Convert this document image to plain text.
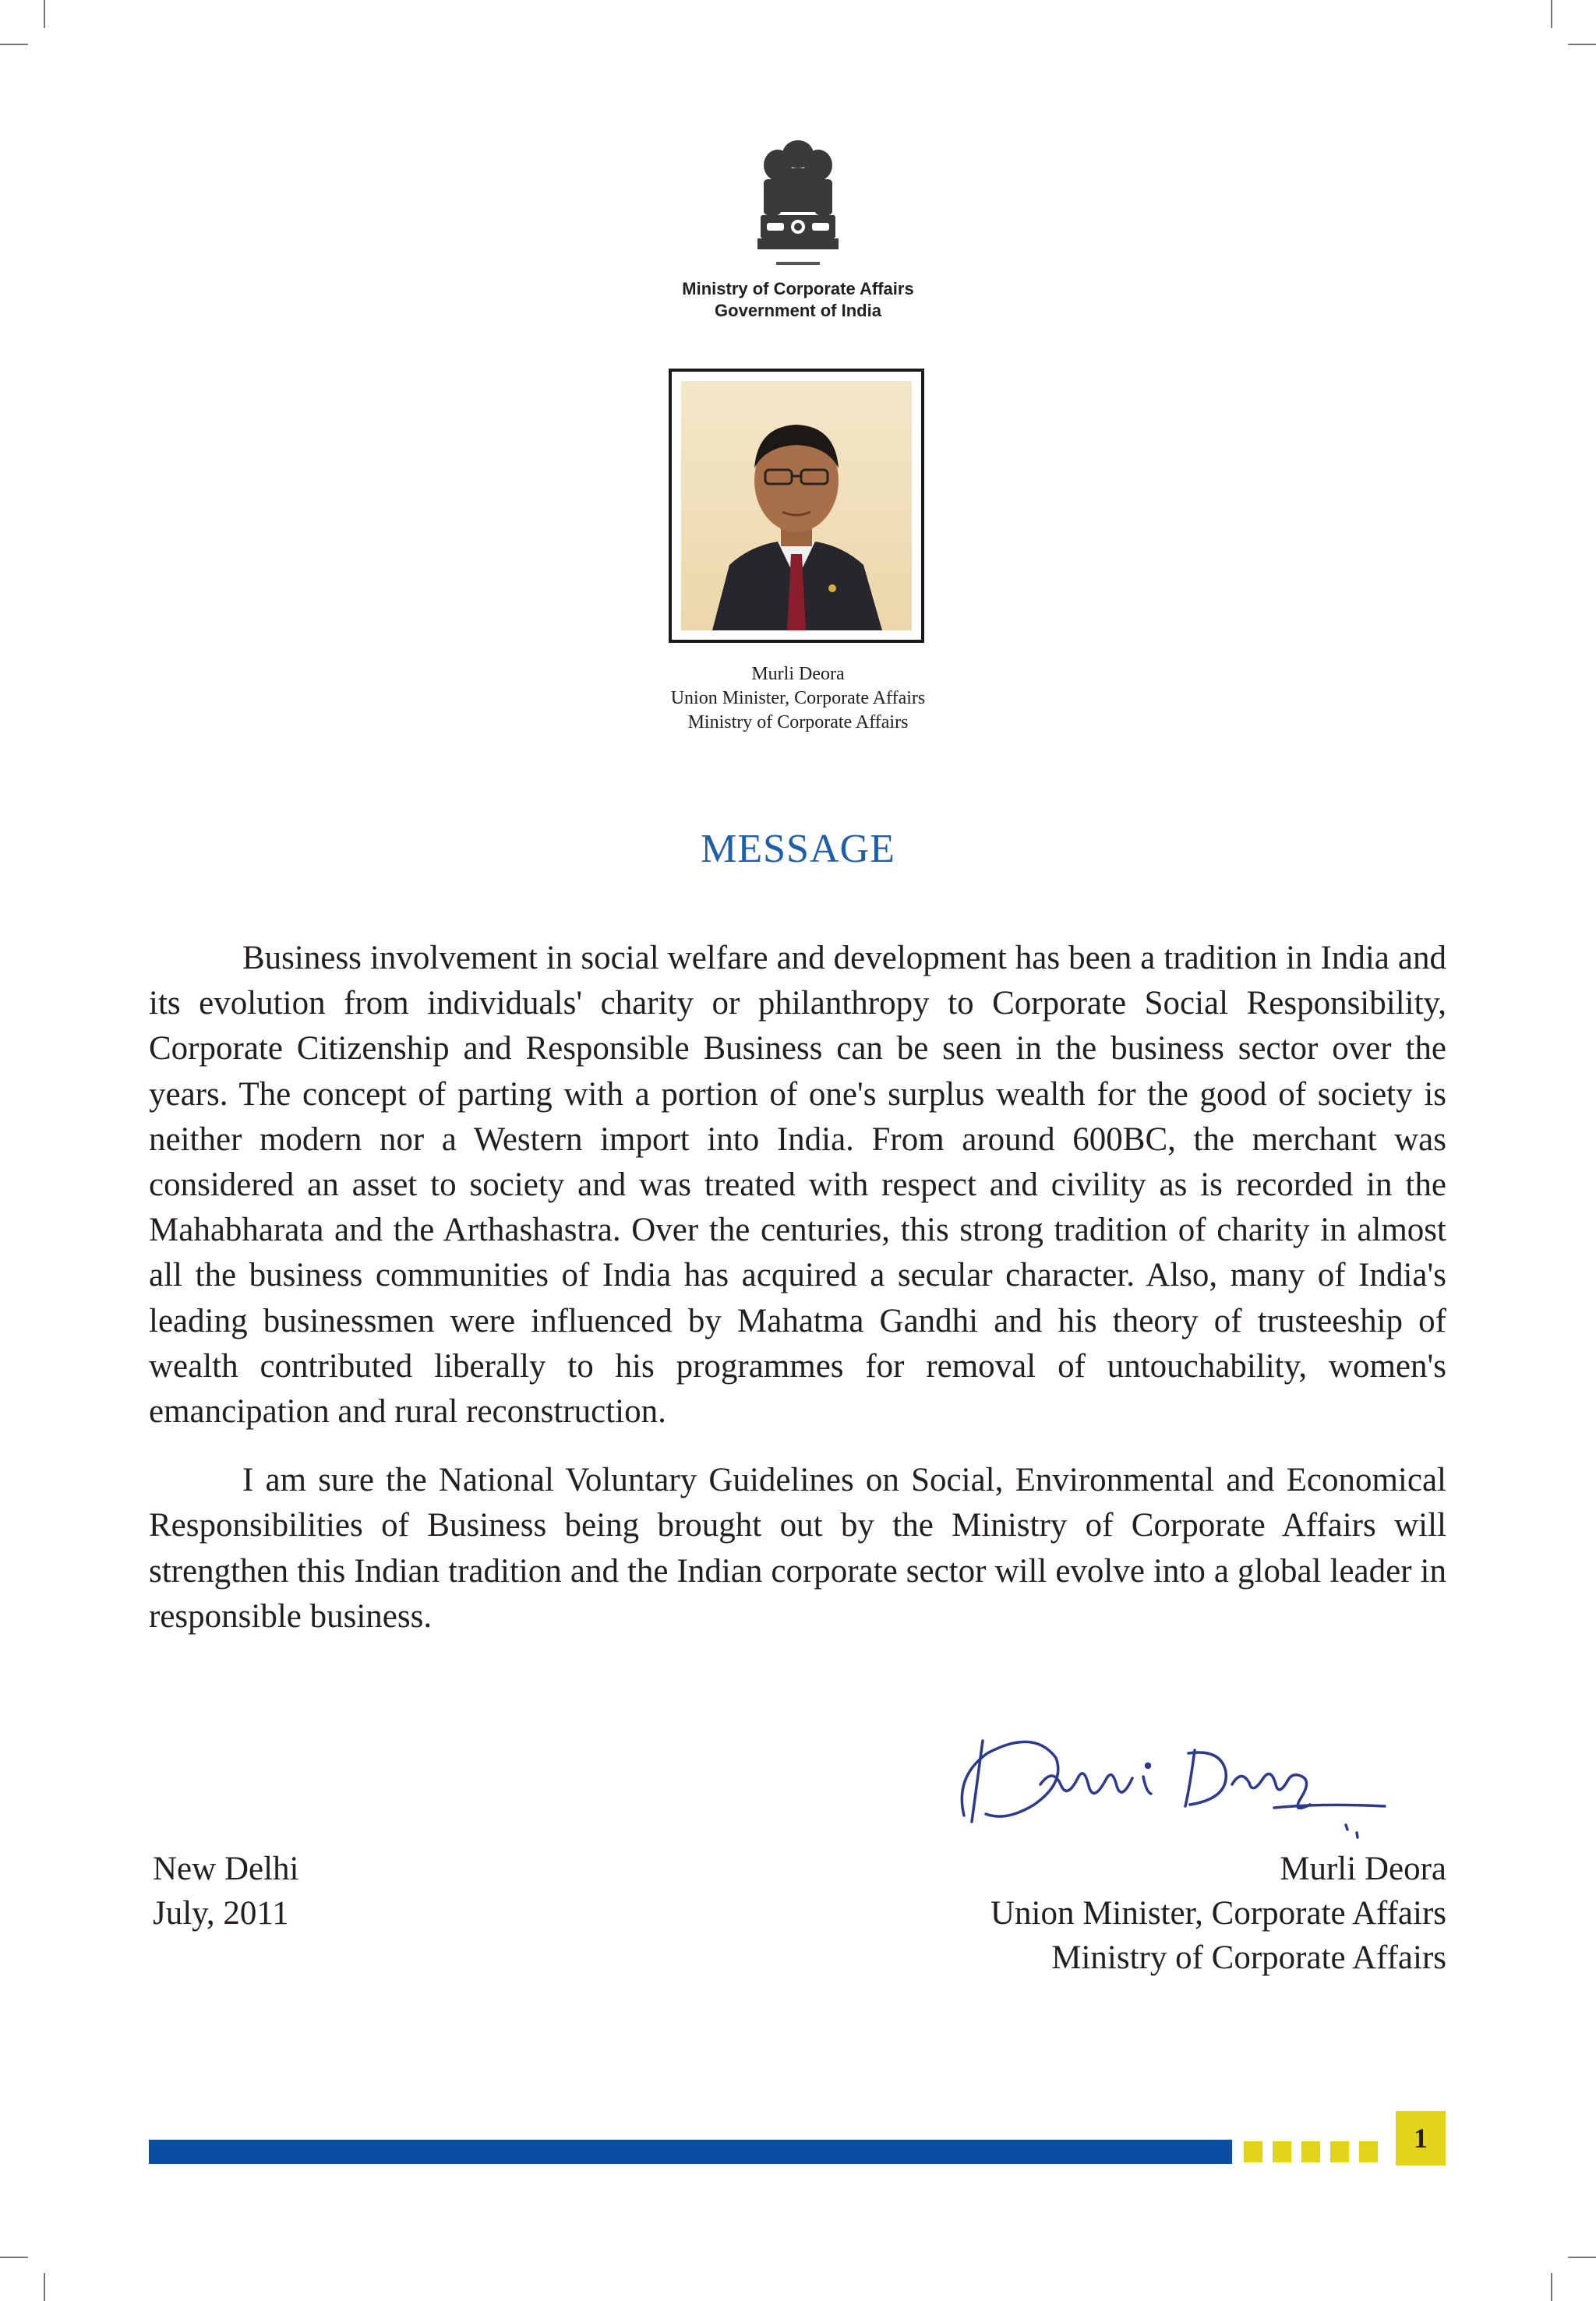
Ministry of Corporate Affairs
Government of India
Murli Deora
Union Minister, Corporate Affairs
Ministry of Corporate Affairs
MESSAGE

Business involvement in social welfare and development has been a tradition in India and its evolution from individuals' charity or philanthropy to Corporate Social Responsibility, Corporate Citizenship and Responsible Business can be seen in the business sector over the years. The concept of parting with a portion of one's surplus wealth for the good of society is neither modern nor a Western import into India. From around 600BC, the merchant was considered an asset to society and was treated with respect and civility as is recorded in the Mahabharata and the Arthashastra. Over the centuries, this strong tradition of charity in almost all the business communities of India has acquired a secular character. Also, many of India's leading businessmen were influenced by Mahatma Gandhi and his theory of trusteeship of wealth contributed liberally to his programmes for removal of untouchability, women's emancipation and rural reconstruction.

I am sure the National Voluntary Guidelines on Social, Environmental and Economical Responsibilities of Business being brought out by the Ministry of Corporate Affairs will strengthen this Indian tradition and the Indian corporate sector will evolve into a global leader in responsible business.

New Delhi
July, 2011
Murli Deora
Union Minister, Corporate Affairs
Ministry of Corporate Affairs
1
